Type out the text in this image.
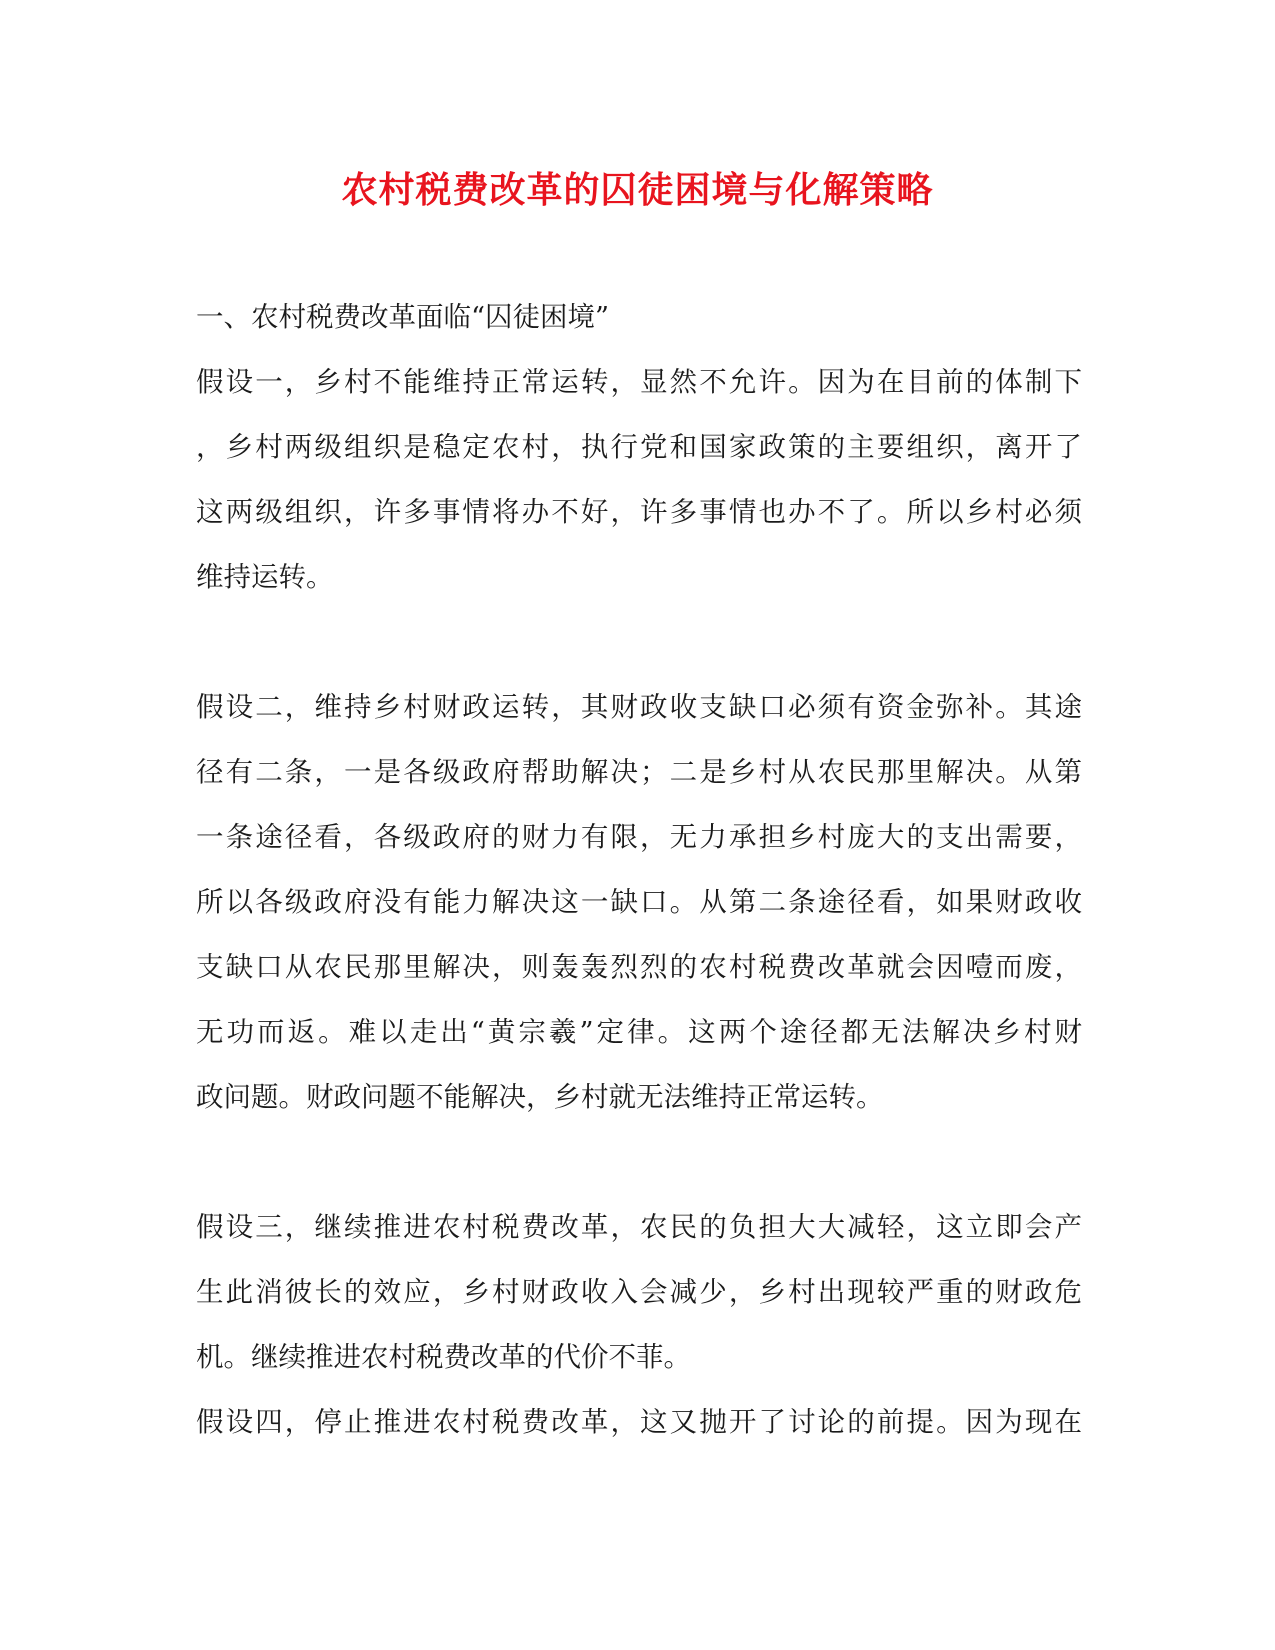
农村税费改革的囚徒困境与化解策略
一、农村税费改革面临“囚徒困境”
假设一，乡村不能维持正常运转，显然不允许。因为在目前的体制下
，乡村两级组织是稳定农村，执行党和国家政策的主要组织，离开了
这两级组织，许多事情将办不好，许多事情也办不了。所以乡村必须
维持运转。
假设二，维持乡村财政运转，其财政收支缺口必须有资金弥补。其途
径有二条，一是各级政府帮助解决；二是乡村从农民那里解决。从第
一条途径看，各级政府的财力有限，无力承担乡村庞大的支出需要，
所以各级政府没有能力解决这一缺口。从第二条途径看，如果财政收
支缺口从农民那里解决，则轰轰烈烈的农村税费改革就会因噎而废，
无功而返。难以走出“黄宗羲”定律。这两个途径都无法解决乡村财
政问题。财政问题不能解决，乡村就无法维持正常运转。
假设三，继续推进农村税费改革，农民的负担大大减轻，这立即会产
生此消彼长的效应，乡村财政收入会减少，乡村出现较严重的财政危
机。继续推进农村税费改革的代价不菲。
假设四，停止推进农村税费改革，这又抛开了讨论的前提。因为现在
